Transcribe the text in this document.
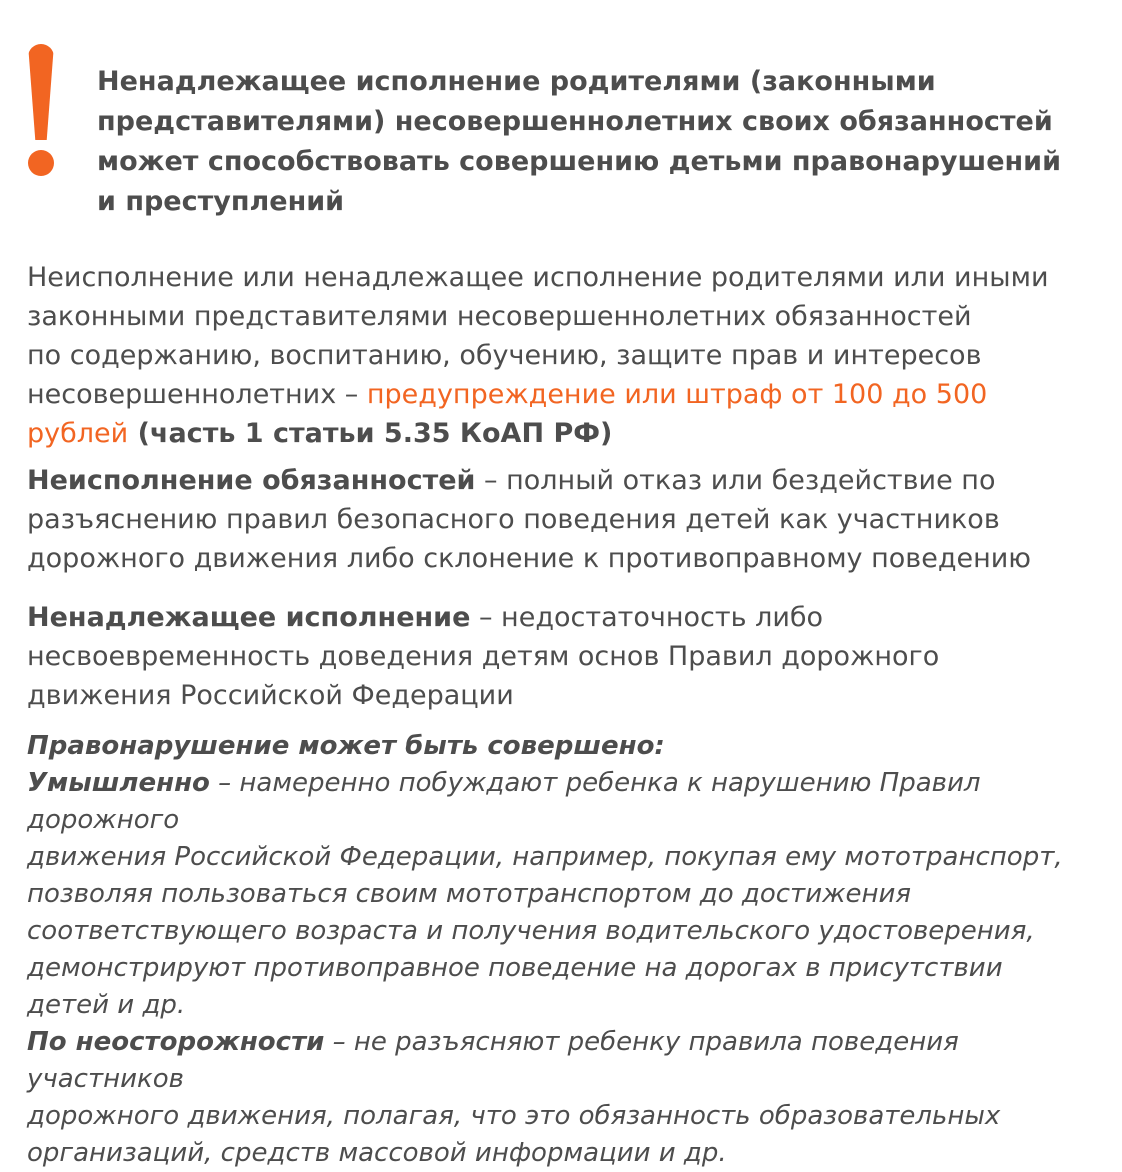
Ненадлежащее исполнение родителями (законными
представителями) несовершеннолетних своих обязанностей
может способствовать совершению детьми правонарушений
и преступлений

Неисполнение или ненадлежащее исполнение родителями или иными
законными представителями несовершеннолетних обязанностей
по содержанию, воспитанию, обучению, защите прав и интересов
несовершеннолетних – предупреждение или штраф от 100 до 500
рублей (часть 1 статьи 5.35 КоАП РФ)

Неисполнение обязанностей – полный отказ или бездействие по
разъяснению правил безопасного поведения детей как участников
дорожного движения либо склонение к противоправному поведению

Ненадлежащее исполнение – недостаточность либо
несвоевременность доведения детям основ Правил дорожного
движения Российской Федерации

Правонарушение может быть совершено:
Умышленно – намеренно побуждают ребенка к нарушению Правил дорожного
движения Российской Федерации, например, покупая ему мототранспорт,
позволяя пользоваться своим мототранспортом до достижения
соответствующего возраста и получения водительского удостоверения,
демонстрируют противоправное поведение на дорогах в присутствии
детей и др.
По неосторожности – не разъясняют ребенку правила поведения участников
дорожного движения, полагая, что это обязанность образовательных
организаций, средств массовой информации и др.
